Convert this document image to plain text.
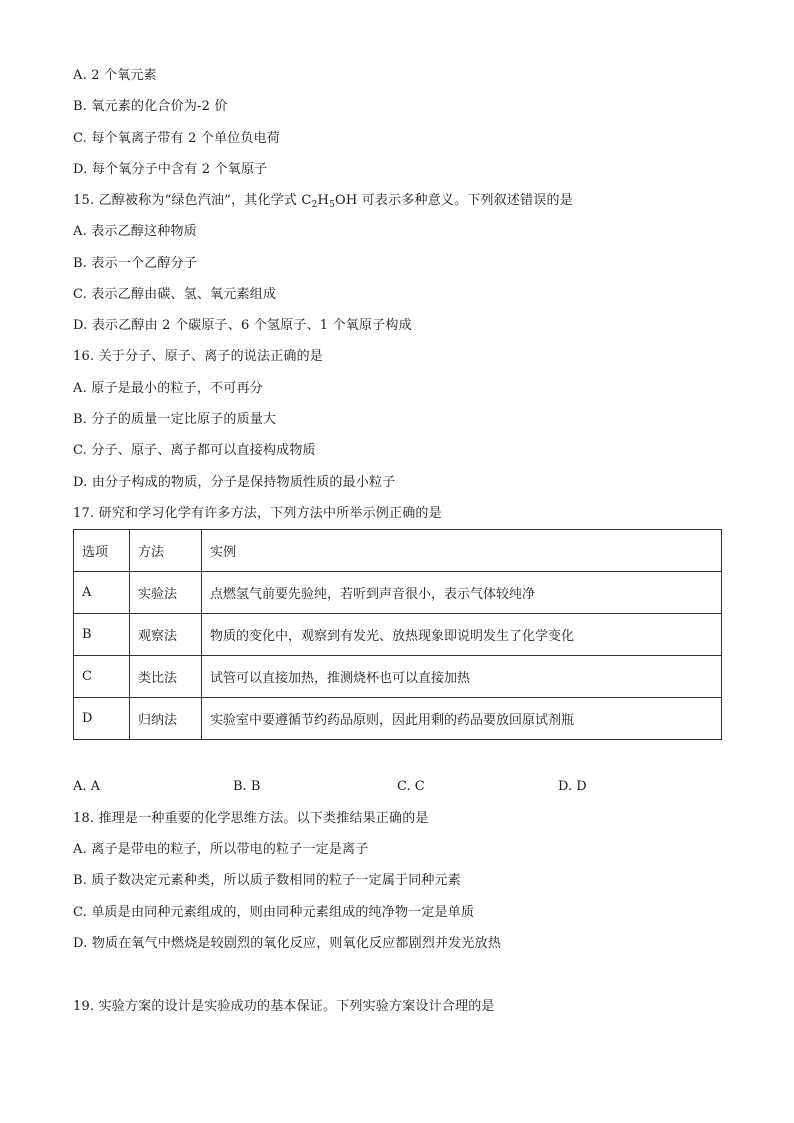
A. 2 个氧元素
B. 氧元素的化合价为-2 价
C. 每个氧离子带有 2 个单位负电荷
D. 每个氧分子中含有 2 个氧原子
15. 乙醇被称为“绿色汽油”，其化学式 $C_2H_5OH$ 可表示多种意义。下列叙述错误的是
A. 表示乙醇这种物质
B. 表示一个乙醇分子
C. 表示乙醇由碳、氢、氧元素组成
D. 表示乙醇由 2 个碳原子、6 个氢原子、1 个氧原子构成
16. 关于分子、原子、离子的说法正确的是
A. 原子是最小的粒子，不可再分
B. 分子的质量一定比原子的质量大
C. 分子、原子、离子都可以直接构成物质
D. 由分子构成的物质，分子是保持物质性质的最小粒子
17. 研究和学习化学有许多方法，下列方法中所举示例正确的是
选项	方法	实例
A	实验法	点燃氢气前要先验纯，若听到声音很小，表示气体较纯净
B	观察法	物质的变化中，观察到有发光、放热现象即说明发生了化学变化
C	类比法	试管可以直接加热，推测烧杯也可以直接加热
D	归纳法	实验室中要遵循节约药品原则，因此用剩的药品要放回原试剂瓶
A. A	B. B	C. C	D. D
18. 推理是一种重要的化学思维方法。以下类推结果正确的是
A. 离子是带电的粒子，所以带电的粒子一定是离子
B. 质子数决定元素种类，所以质子数相同的粒子一定属于同种元素
C. 单质是由同种元素组成的，则由同种元素组成的纯净物一定是单质
D. 物质在氧气中燃烧是较剧烈的氧化反应，则氧化反应都剧烈并发光放热
19. 实验方案的设计是实验成功的基本保证。下列实验方案设计合理的是
